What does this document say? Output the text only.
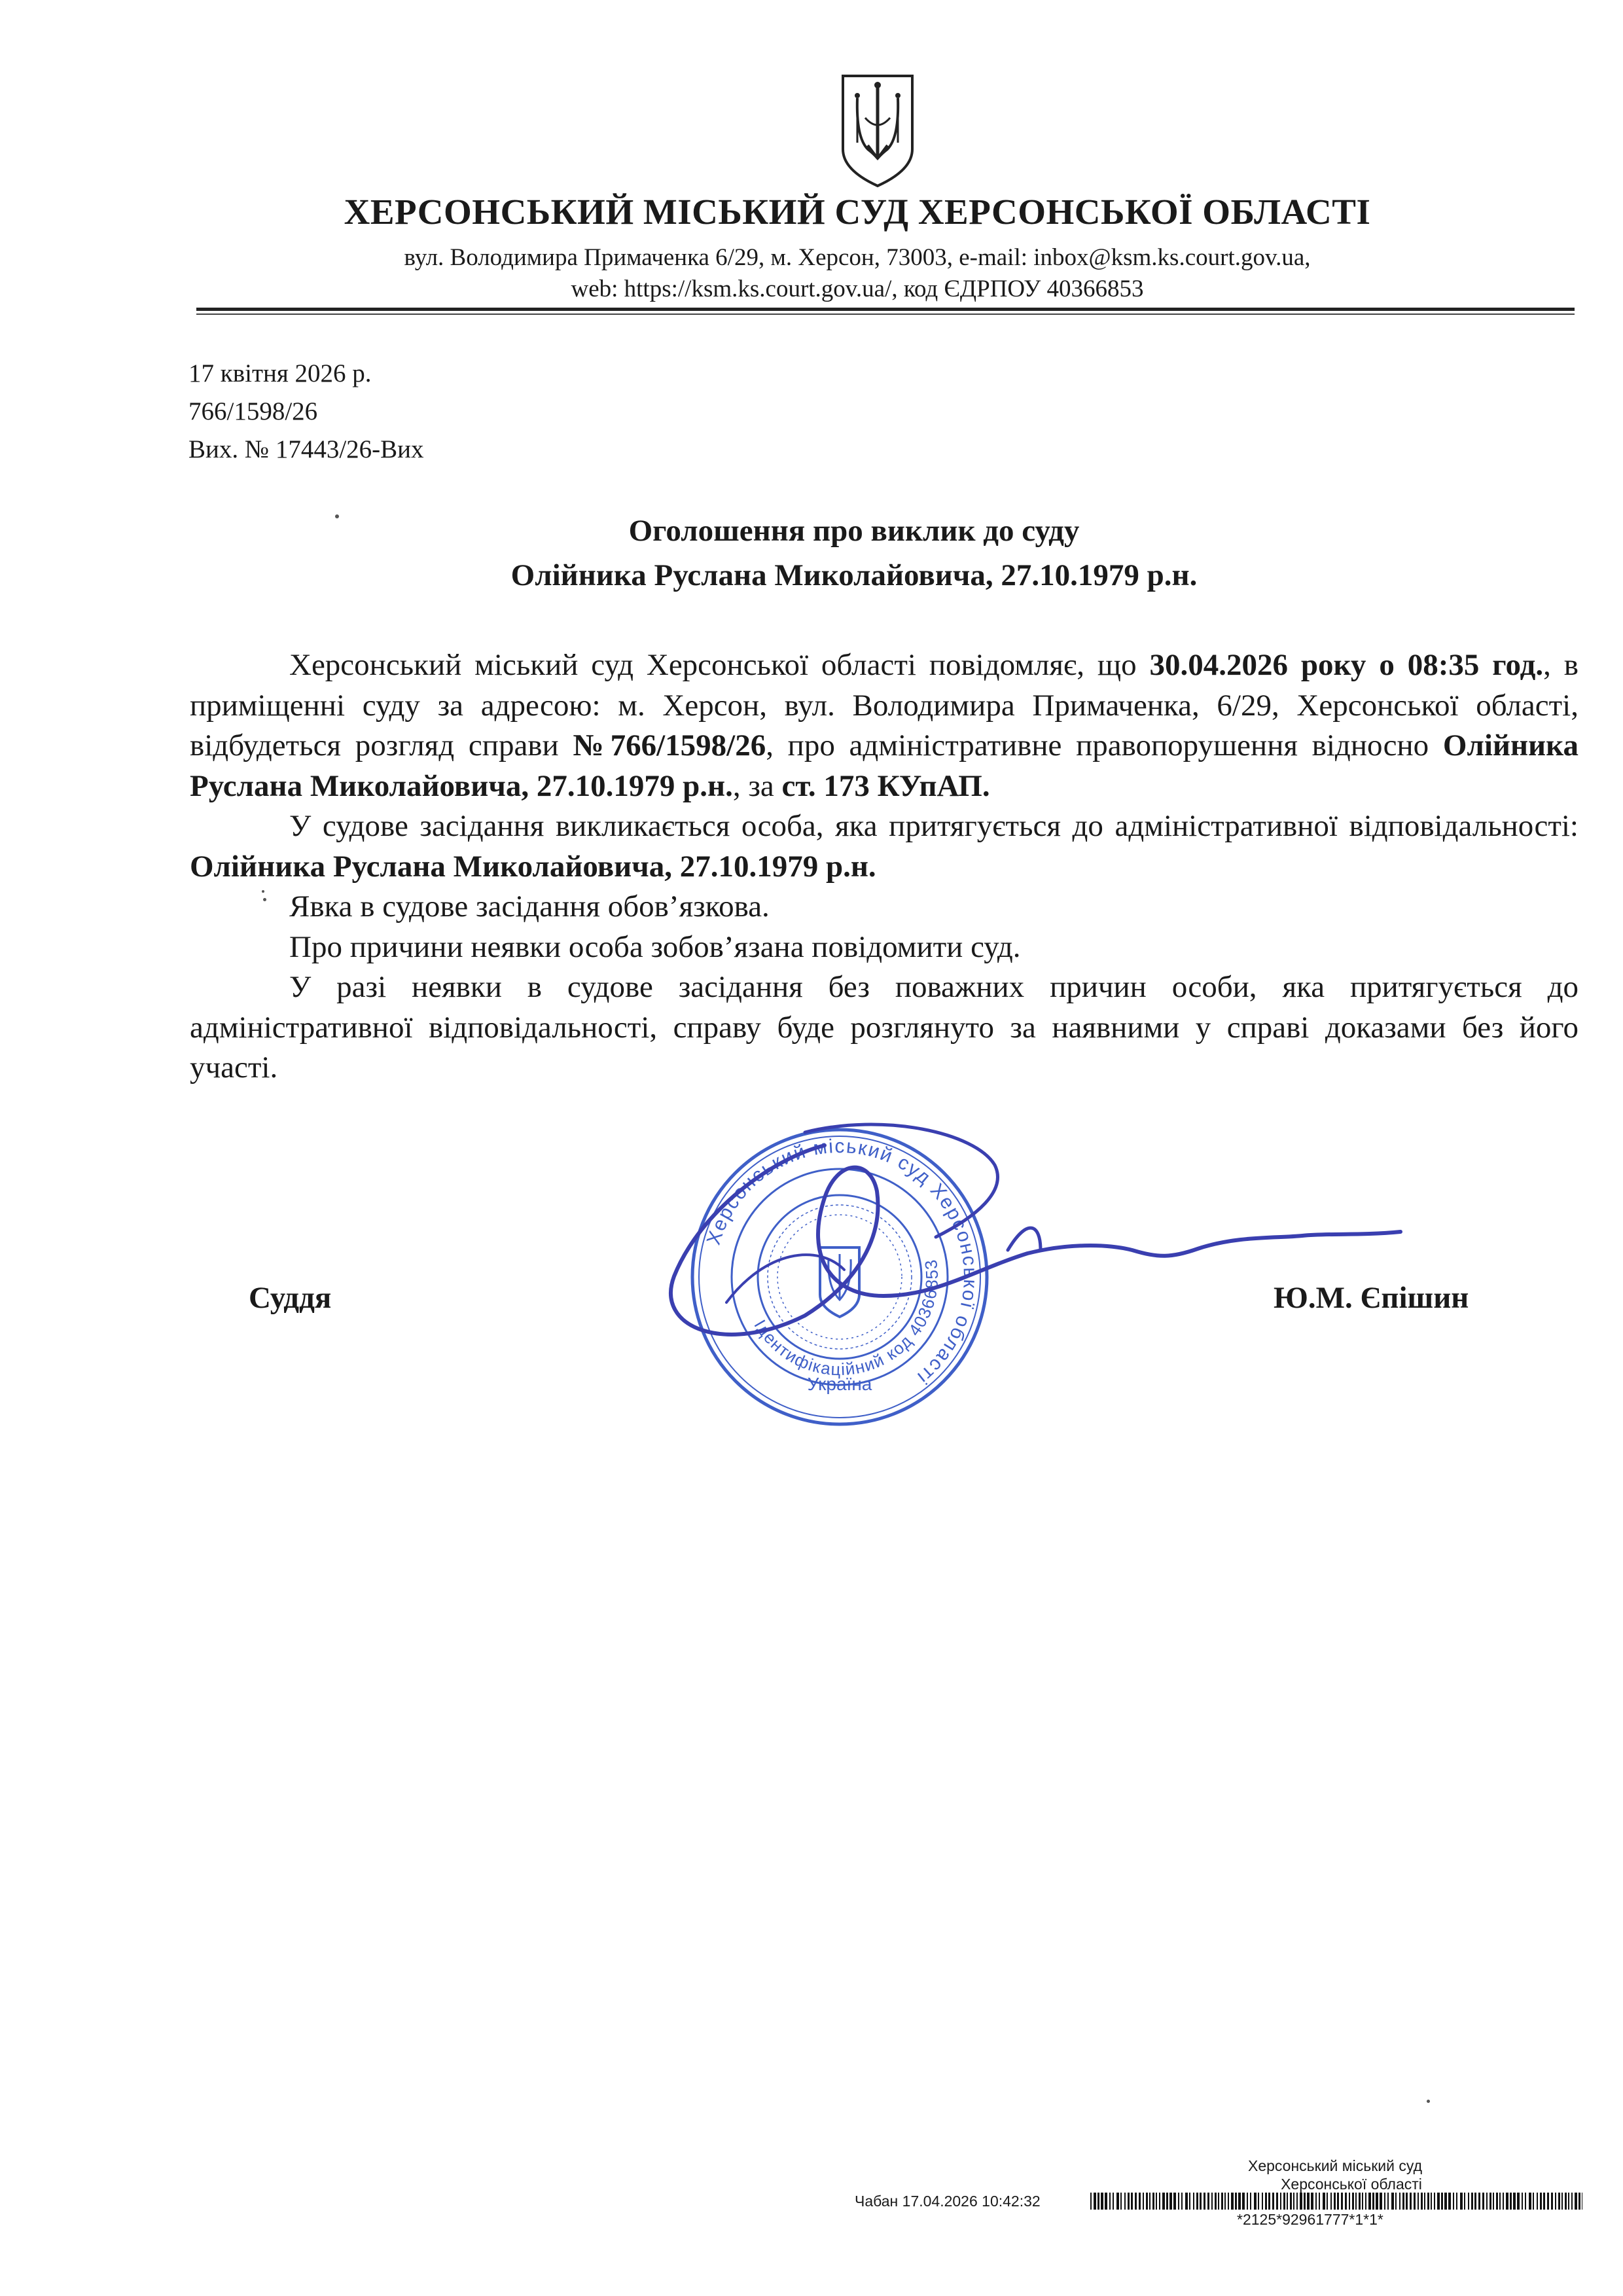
ХЕРСОНСЬКИЙ МІСЬКИЙ СУД ХЕРСОНСЬКОЇ ОБЛАСТІ
вул. Володимира Примаченка 6/29, м. Херсон, 73003, e-mail: inbox@ksm.ks.court.gov.ua,
web: https://ksm.ks.court.gov.ua/, код ЄДРПОУ 40366853
17 квітня 2026 р.
766/1598/26
Вих. № 17443/26-Вих
Оголошення про виклик до суду
Олійника Руслана Миколайовича, 27.10.1979 р.н.

Херсонський міський суд Херсонської області повідомляє, що 30.04.2026 року о 08:35 год., в приміщенні суду за адресою: м. Херсон, вул. Володимира Примаченка, 6/29, Херсонської області, відбудеться розгляд справи №766/1598/26, про адміністративне правопорушення відносно Олійника Руслана Миколайовича, 27.10.1979 р.н., за ст. 173 КУпАП.

У судове засідання викликається особа, яка притягується до адміністративної відповідальності: Олійника Руслана Миколайовича, 27.10.1979 р.н.

Явка в судове засідання обов’язкова.

Про причини неявки особа зобов’язана повідомити суд.

У разі неявки в судове засідання без поважних причин особи, яка притягується до адміністративної відповідальності, справу буде розглянуто за наявними у справі доказами без його участі.

Херсонський міський суд Херсонської області
Ідентифікаційний код 40366853
Україна
Суддя	Ю.М. Єпішин
Херсонський міський суд
Херсонської області
Чабан 17.04.2026 10:42:32
*2125*92961777*1*1*
